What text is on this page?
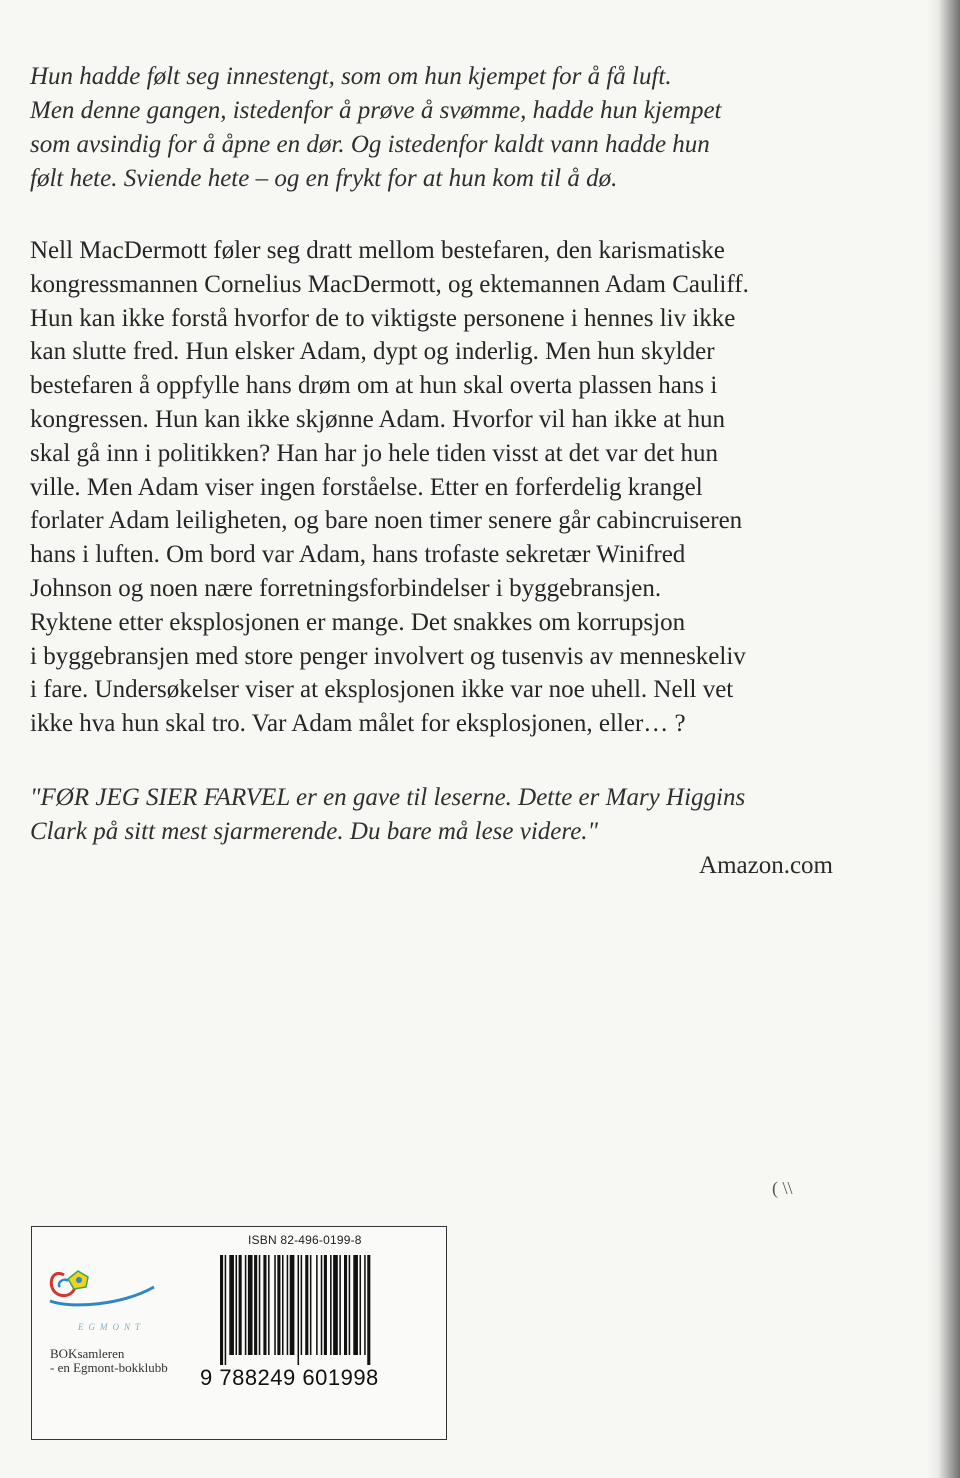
Hun hadde følt seg innestengt, som om hun kjempet for å få luft.
Men denne gangen, istedenfor å prøve å svømme, hadde hun kjempet
som avsindig for å åpne en dør. Og istedenfor kaldt vann hadde hun
følt hete. Sviende hete – og en frykt for at hun kom til å dø.

Nell MacDermott føler seg dratt mellom bestefaren, den karismatiske
kongressmannen Cornelius MacDermott, og ektemannen Adam Cauliff.
Hun kan ikke forstå hvorfor de to viktigste personene i hennes liv ikke
kan slutte fred. Hun elsker Adam, dypt og inderlig. Men hun skylder
bestefaren å oppfylle hans drøm om at hun skal overta plassen hans i
kongressen. Hun kan ikke skjønne Adam. Hvorfor vil han ikke at hun
skal gå inn i politikken? Han har jo hele tiden visst at det var det hun
ville. Men Adam viser ingen forståelse. Etter en forferdelig krangel
forlater Adam leiligheten, og bare noen timer senere går cabincruiseren
hans i luften. Om bord var Adam, hans trofaste sekretær Winifred
Johnson og noen nære forretningsforbindelser i byggebransjen.
Ryktene etter eksplosjonen er mange. Det snakkes om korrupsjon
i byggebransjen med store penger involvert og tusenvis av menneskeliv
i fare. Undersøkelser viser at eksplosjonen ikke var noe uhell. Nell vet
ikke hva hun skal tro. Var Adam målet for eksplosjonen, eller… ?

"FØR JEG SIER FARVEL er en gave til leserne. Dette er Mary Higgins
Clark på sitt mest sjarmerende. Du bare må lese videre."

Amazon.com

( \\
EGMONT
BOKsamleren
- en Egmont-bokklubb
ISBN 82-496-0199-8
9 788249 601998
